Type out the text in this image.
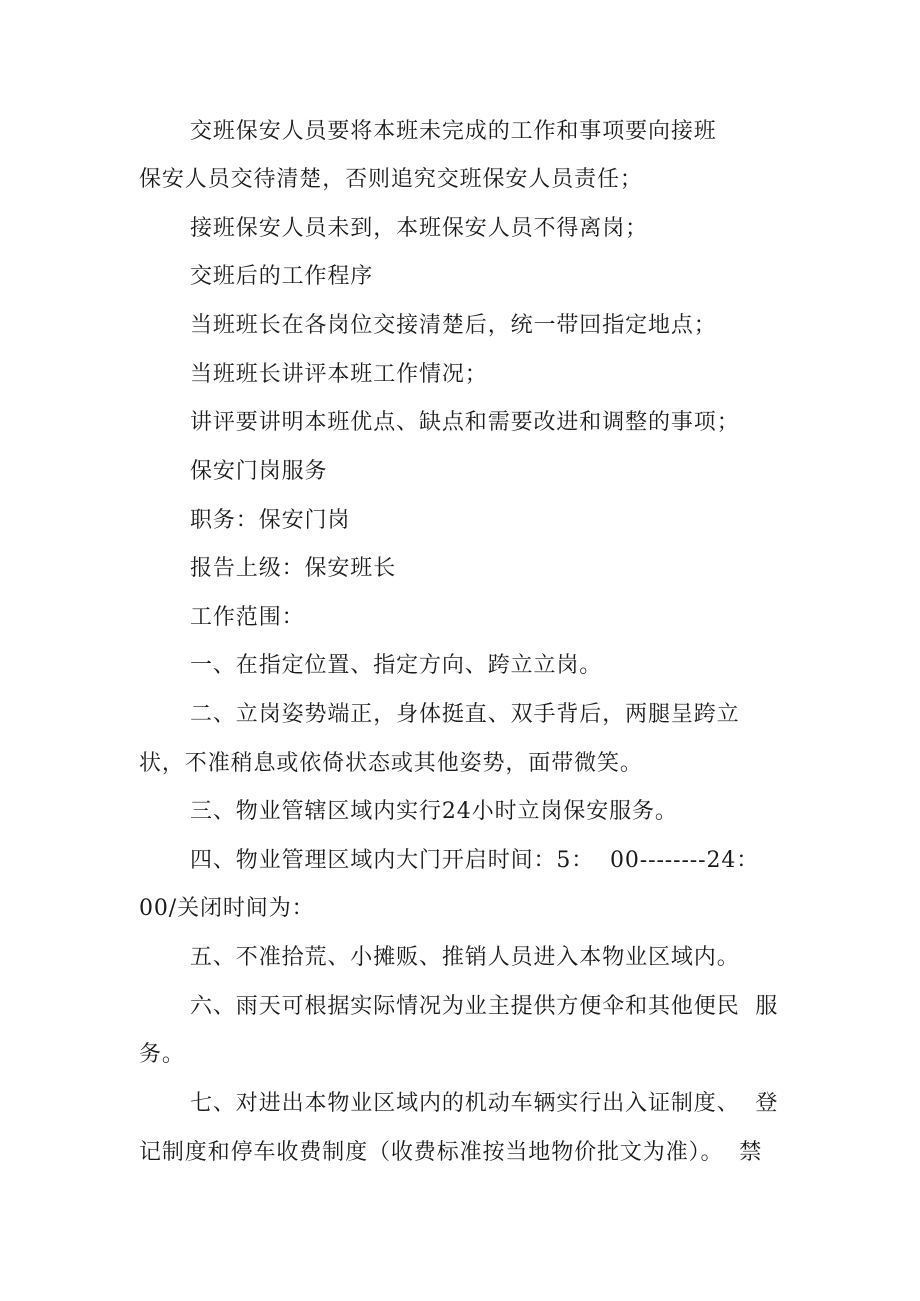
交班保安人员要将本班未完成的工作和事项要向接班
保安人员交待清楚，否则追究交班保安人员责任；
接班保安人员未到，本班保安人员不得离岗；
交班后的工作程序
当班班长在各岗位交接清楚后，统一带回指定地点；
当班班长讲评本班工作情况；
讲评要讲明本班优点、缺点和需要改进和调整的事项；
保安门岗服务
职务：保安门岗
报告上级：保安班长
工作范围：
一、在指定位置、指定方向、跨立立岗。
二、立岗姿势端正，身体挺直、双手背后，两腿呈跨立
状，不准稍息或依倚状态或其他姿势，面带微笑。
三、物业管辖区域内实行24小时立岗保安服务。
四、物业管理区域内大门开启时间：5：  00--------24：
00/关闭时间为：
五、不准拾荒、小摊贩、推销人员进入本物业区域内。
六、雨天可根据实际情况为业主提供方便伞和其他便民  服
务。
七、对进出本物业区域内的机动车辆实行出入证制度、  登
记制度和停车收费制度（收费标准按当地物价批文为准）。  禁
